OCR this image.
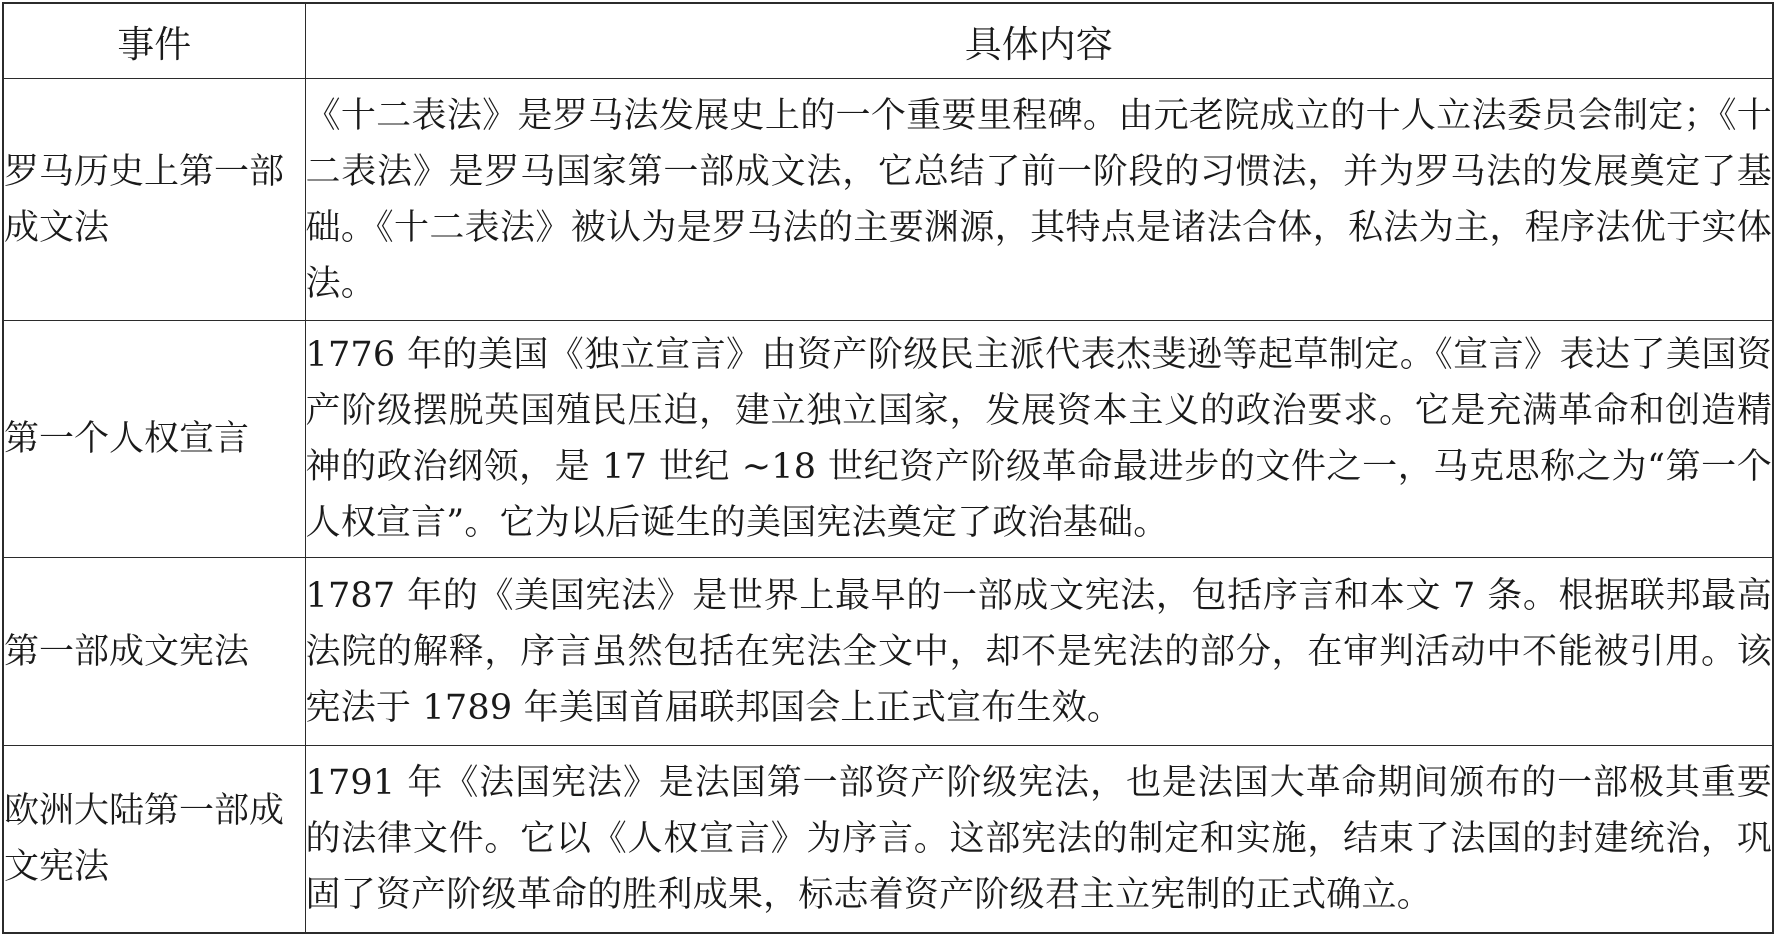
事件	具体内容
罗马历史上第一部成文法	《十二表法》是罗马法发展史上的一个重要里程碑。由元老院成立的十人立法委员会制定；《十二表法》是罗马国家第一部成文法，它总结了前一阶段的习惯法，并为罗马法的发展奠定了基础。《十二表法》被认为是罗马法的主要渊源，其特点是诸法合体，私法为主，程序法优于实体法。
第一个人权宣言	1776 年的美国《独立宣言》由资产阶级民主派代表杰斐逊等起草制定。《宣言》表达了美国资产阶级摆脱英国殖民压迫，建立独立国家，发展资本主义的政治要求。它是充满革命和创造精神的政治纲领，是 17 世纪 ~18 世纪资产阶级革命最进步的文件之一，马克思称之为“第一个人权宣言”。它为以后诞生的美国宪法奠定了政治基础。
第一部成文宪法	1787 年的《美国宪法》是世界上最早的一部成文宪法，包括序言和本文 7 条。根据联邦最高法院的解释，序言虽然包括在宪法全文中，却不是宪法的部分，在审判活动中不能被引用。该宪法于 1789 年美国首届联邦国会上正式宣布生效。
欧洲大陆第一部成文宪法	1791 年《法国宪法》是法国第一部资产阶级宪法，也是法国大革命期间颁布的一部极其重要的法律文件。它以《人权宣言》为序言。这部宪法的制定和实施，结束了法国的封建统治，巩固了资产阶级革命的胜利成果，标志着资产阶级君主立宪制的正式确立。
